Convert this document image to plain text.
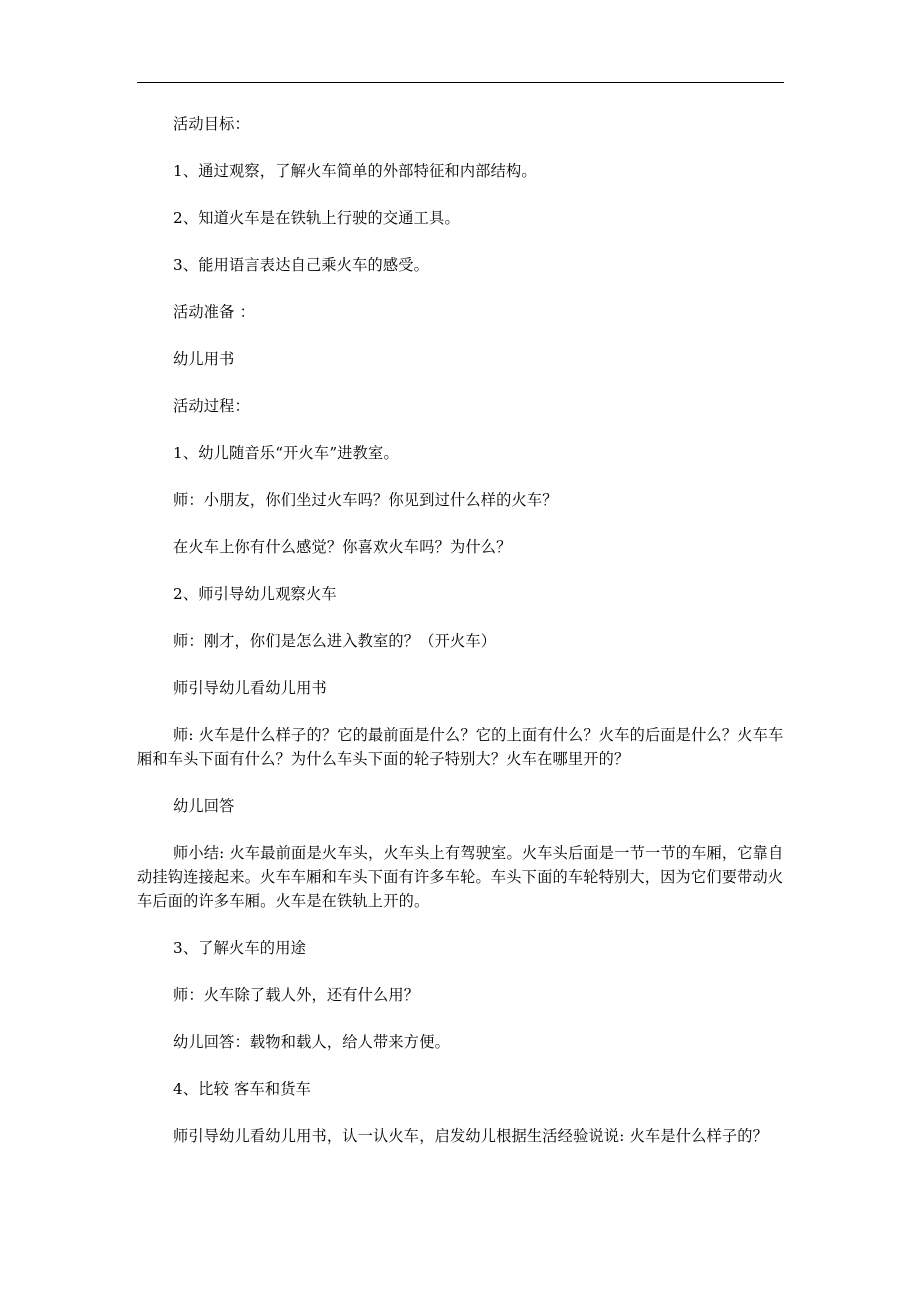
活动目标：

1、通过观察，了解火车简单的外部特征和内部结构。

2、知道火车是在铁轨上行驶的交通工具。

3、能用语言表达自己乘火车的感受。

活动准备 ：

幼儿用书

活动过程：

1、幼儿随音乐“开火车”进教室。

师：小朋友，你们坐过火车吗？你见到过什么样的火车？

在火车上你有什么感觉？你喜欢火车吗？为什么？

2、师引导幼儿观察火车

师：刚才，你们是怎么进入教室的？（开火车）

师引导幼儿看幼儿用书

师: 火车是什么样子的？它的最前面是什么？它的上面有什么？火车的后面是什么？火车车厢和车头下面有什么？为什么车头下面的轮子特别大？火车在哪里开的？

幼儿回答

师小结: 火车最前面是火车头，火车头上有驾驶室。火车头后面是一节一节的车厢，它靠自动挂钩连接起来。火车车厢和车头下面有许多车轮。车头下面的车轮特别大，因为它们要带动火车后面的许多车厢。火车是在铁轨上开的。

3、了解火车的用途

师：火车除了载人外，还有什么用？

幼儿回答：载物和载人，给人带来方便。

4、比较 客车和货车

师引导幼儿看幼儿用书，认一认火车，启发幼儿根据生活经验说说: 火车是什么样子的？
